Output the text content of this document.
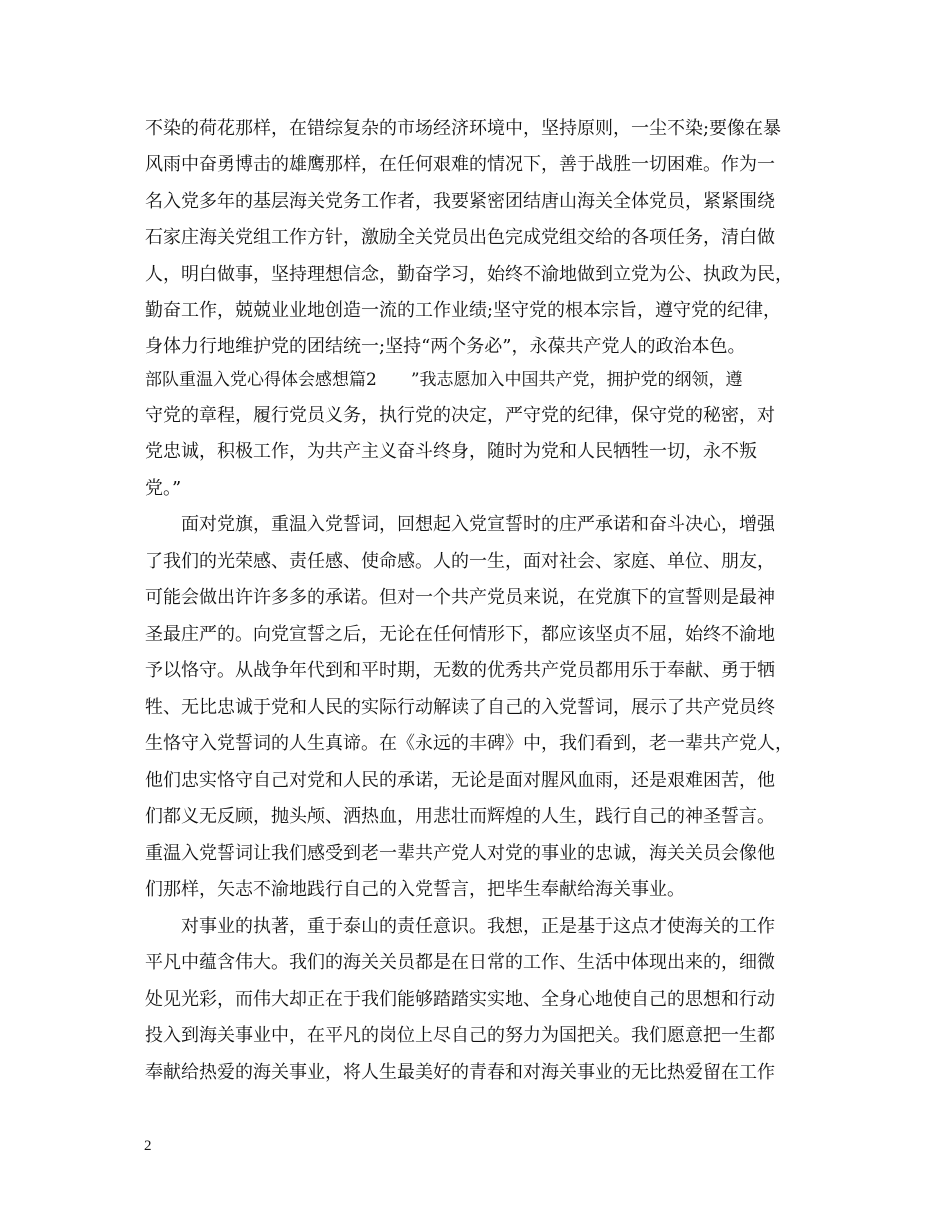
不染的荷花那样，在错综复杂的市场经济环境中，坚持原则，一尘不染;要像在暴
风雨中奋勇博击的雄鹰那样，在任何艰难的情况下，善于战胜一切困难。作为一
名入党多年的基层海关党务工作者，我要紧密团结唐山海关全体党员，紧紧围绕
石家庄海关党组工作方针，激励全关党员出色完成党组交给的各项任务，清白做
人，明白做事，坚持理想信念，勤奋学习，始终不渝地做到立党为公、执政为民，
勤奋工作，兢兢业业地创造一流的工作业绩;坚守党的根本宗旨，遵守党的纪律，
身体力行地维护党的团结统一;坚持“两个务必”，永葆共产党人的政治本色。
部队重温入党心得体会感想篇2　　”我志愿加入中国共产党，拥护党的纲领，遵
守党的章程，履行党员义务，执行党的决定，严守党的纪律，保守党的秘密，对
党忠诚，积极工作，为共产主义奋斗终身，随时为党和人民牺牲一切，永不叛
党。”
　　面对党旗，重温入党誓词，回想起入党宣誓时的庄严承诺和奋斗决心，增强
了我们的光荣感、责任感、使命感。人的一生，面对社会、家庭、单位、朋友，
可能会做出许许多多的承诺。但对一个共产党员来说，在党旗下的宣誓则是最神
圣最庄严的。向党宣誓之后，无论在任何情形下，都应该坚贞不屈，始终不渝地
予以恪守。从战争年代到和平时期，无数的优秀共产党员都用乐于奉献、勇于牺
牲、无比忠诚于党和人民的实际行动解读了自己的入党誓词，展示了共产党员终
生恪守入党誓词的人生真谛。在《永远的丰碑》中，我们看到，老一辈共产党人，
他们忠实恪守自己对党和人民的承诺，无论是面对腥风血雨，还是艰难困苦，他
们都义无反顾，抛头颅、洒热血，用悲壮而辉煌的人生，践行自己的神圣誓言。
重温入党誓词让我们感受到老一辈共产党人对党的事业的忠诚，海关关员会像他
们那样，矢志不渝地践行自己的入党誓言，把毕生奉献给海关事业。
　　对事业的执著，重于泰山的责任意识。我想，正是基于这点才使海关的工作
平凡中蕴含伟大。我们的海关关员都是在日常的工作、生活中体现出来的，细微
处见光彩，而伟大却正在于我们能够踏踏实实地、全身心地使自己的思想和行动
投入到海关事业中，在平凡的岗位上尽自己的努力为国把关。我们愿意把一生都
奉献给热爱的海关事业，将人生最美好的青春和对海关事业的无比热爱留在工作
2
